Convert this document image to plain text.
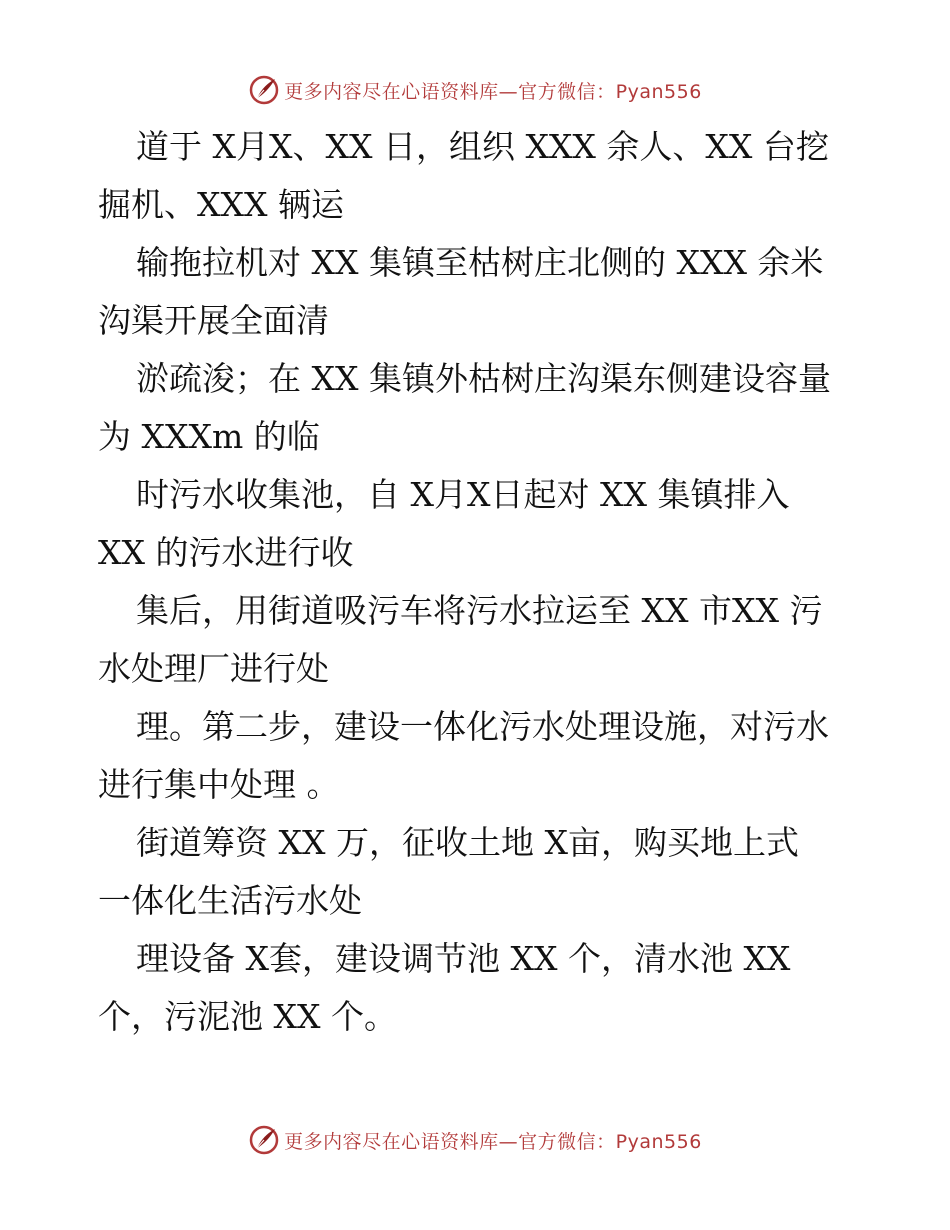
更多内容尽在心语资料库—官方微信：Pyan556

道于 X月X、XX 日，组织 XXX 余人、XX 台挖

掘机、XXX 辆运

输拖拉机对 XX 集镇至枯树庄北侧的 XXX 余米

沟渠开展全面清

淤疏浚；在 XX 集镇外枯树庄沟渠东侧建设容量

为 XXXm 的临

时污水收集池，自 X月X日起对 XX 集镇排入

XX 的污水进行收

集后，用街道吸污车将污水拉运至 XX 市XX 污

水处理厂进行处

理。第二步，建设一体化污水处理设施，对污水

进行集中处理 。

街道筹资 XX 万，征收土地 X亩，购买地上式

一体化生活污水处

理设备 X套，建设调节池 XX 个，清水池 XX

个，污泥池 XX 个。

更多内容尽在心语资料库—官方微信：Pyan556
